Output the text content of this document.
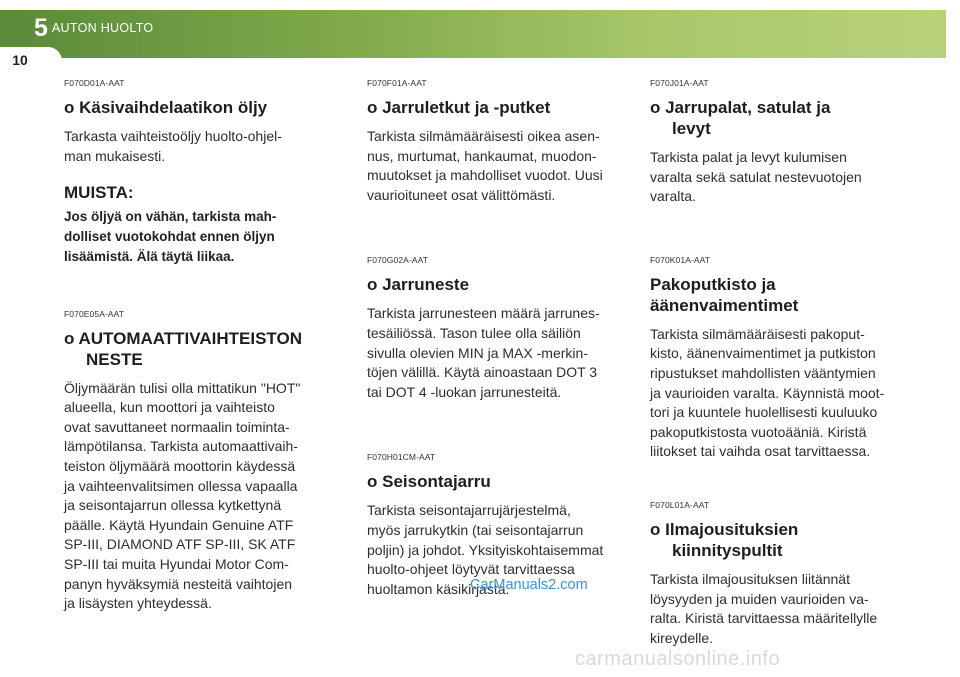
5 AUTON HUOLTO
10
F070D01A-AAT
o Käsivaihdelaatikon öljy
Tarkasta vaihteistoöljy huolto-ohjel-
man mukaisesti.
MUISTA:
Jos öljyä on vähän, tarkista mah-
dolliset vuotokohdat ennen öljyn
lisäämistä. Älä täytä liikaa.
F070E05A-AAT
o AUTOMAATTIVAIHTEISTON
NESTE
Öljymäärän tulisi olla mittatikun "HOT"
alueella, kun moottori ja vaihteisto
ovat savuttaneet normaalin toiminta-
lämpötilansa. Tarkista automaattivaih-
teiston öljymäärä moottorin käydessä
ja vaihteenvalitsimen ollessa vapaalla
ja seisontajarrun ollessa kytkettynä
päälle. Käytä Hyundain Genuine ATF
SP-III, DIAMOND ATF SP-III, SK ATF
SP-III tai muita Hyundai Motor Com-
panyn hyväksymiä nesteitä vaihtojen
ja lisäysten yhteydessä.
F070F01A-AAT
o Jarruletkut ja -putket
Tarkista silmämääräisesti oikea asen-
nus, murtumat, hankaumat, muodon-
muutokset ja mahdolliset vuodot. Uusi
vaurioituneet osat välittömästi.
F070G02A-AAT
o Jarruneste
Tarkista jarrunesteen määrä jarrunes-
tesäiliössä. Tason tulee olla säiliön
sivulla olevien MIN ja MAX -merkin-
töjen välillä. Käytä ainoastaan DOT 3
tai DOT 4 -luokan jarrunesteitä.
F070H01CM-AAT
o Seisontajarru
Tarkista seisontajarrujärjestelmä,
myös jarrukytkin (tai seisontajarrun
poljin) ja johdot. Yksityiskohtaisemmat
huolto-ohjeet löytyvät tarvittaessa
huoltamon käsikirjasta.
F070J01A-AAT
o Jarrupalat, satulat ja
levyt
Tarkista palat ja levyt kulumisen
varalta sekä satulat nestevuotojen
varalta.
F070K01A-AAT
Pakoputkisto ja
äänenvaimentimet
Tarkista silmämääräisesti pakoput-
kisto, äänenvaimentimet ja putkiston
ripustukset mahdollisten vääntymien
ja vaurioiden varalta. Käynnistä moot-
tori ja kuuntele huolellisesti kuuluuko
pakoputkistosta vuotoääniä. Kiristä
liitokset tai vaihda osat tarvittaessa.
F070L01A-AAT
o Ilmajousituksien
kiinnityspultit
Tarkista ilmajousituksen liitännät
löysyyden ja muiden vaurioiden va-
ralta. Kiristä tarvittaessa määritellylle
kireydelle.
CarManuals2.com
carmanualsonline.info
